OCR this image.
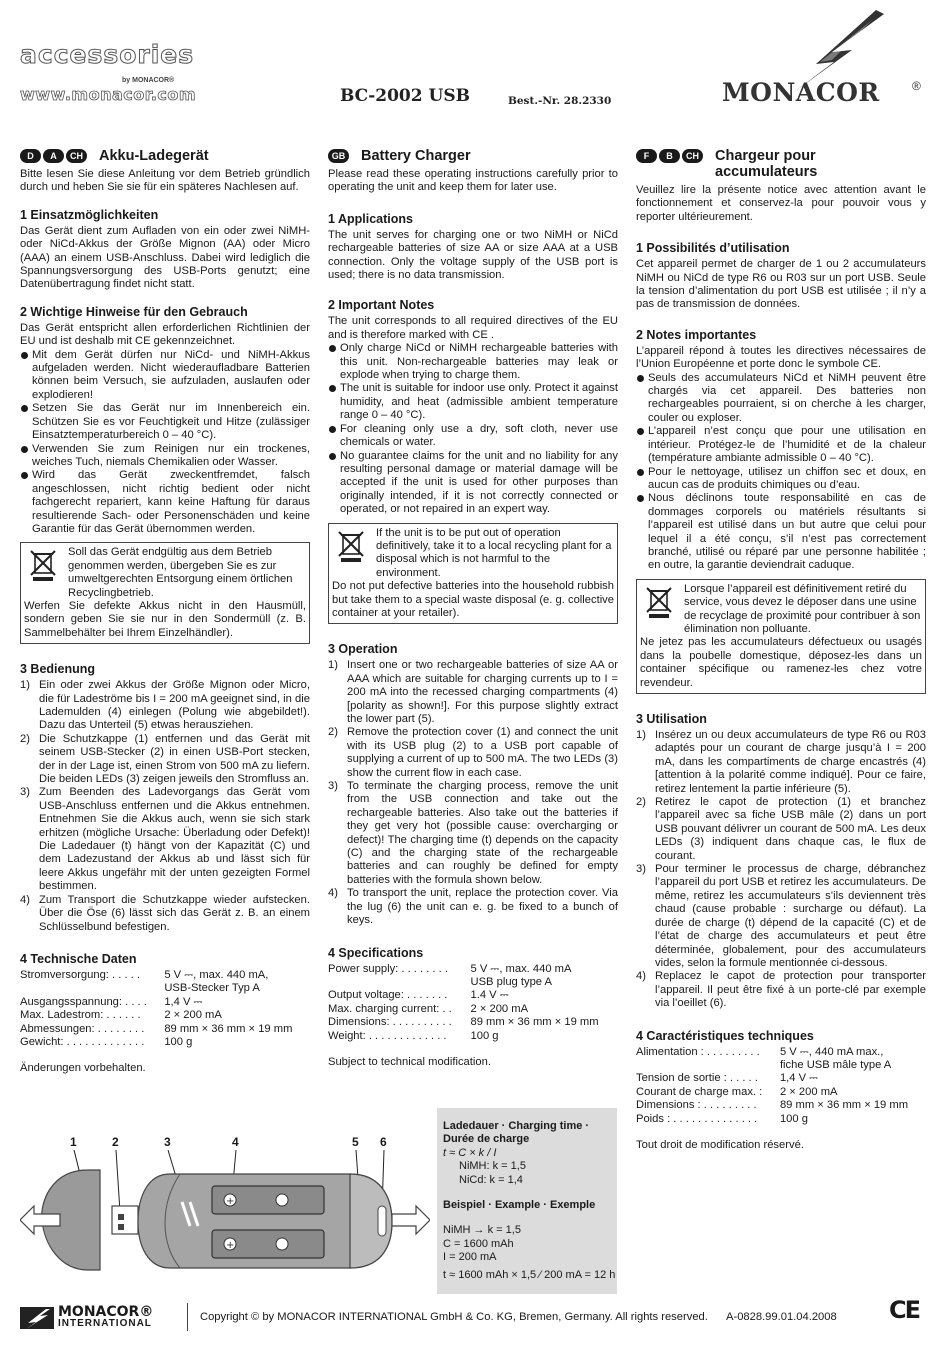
accessories
by MONACOR®
www.monacor.com	BC-2002 USB	Best.-Nr. 28.2330	MONACOR	®
D	A	CH Akku-Ladegerät

Bitte lesen Sie diese Anleitung vor dem Betrieb gründlich durch und heben Sie sie für ein späteres Nachlesen auf.

1 Einsatzmöglichkeiten

Das Gerät dient zum Aufladen von ein oder zwei NiMH- oder NiCd-Akkus der Größe Mignon (AA) oder Micro (AAA) an einem USB-Anschluss. Dabei wird lediglich die Spannungsversorgung des USB-Ports genutzt; eine Datenübertragung findet nicht statt.

2 Wichtige Hinweise für den Gebrauch

Das Gerät entspricht allen erforderlichen Richtlinien der EU und ist deshalb mit CE gekennzeichnet.

Mit dem Gerät dürfen nur NiCd- und NiMH-Akkus aufgeladen werden. Nicht wiederaufladbare Batterien können beim Versuch, sie aufzuladen, auslaufen oder explodieren!
Setzen Sie das Gerät nur im Innenbereich ein. Schützen Sie es vor Feuchtigkeit und Hitze (zulässiger Einsatztemperaturbereich 0 – 40 °C).
Verwenden Sie zum Reinigen nur ein trockenes, weiches Tuch, niemals Chemikalien oder Wasser.
Wird das Gerät zweckentfremdet, falsch angeschlossen, nicht richtig bedient oder nicht fachgerecht repariert, kann keine Haftung für daraus resultierende Sach- oder Personenschäden und keine Garantie für das Gerät übernommen werden.
Soll das Gerät endgültig aus dem Betrieb genommen werden, übergeben Sie es zur umweltgerechten Entsorgung einem örtlichen Recyclingbetrieb.

Werfen Sie defekte Akkus nicht in den Hausmüll, sondern geben Sie sie nur in den Sondermüll (z. B. Sammelbehälter bei Ihrem Einzelhändler).

3 Bedienung
1) Ein oder zwei Akkus der Größe Mignon oder Micro, die für Ladeströme bis I = 200 mA geeignet sind, in die Lademulden (4) einlegen (Polung wie abgebildet!). Dazu das Unterteil (5) etwas herausziehen.
2) Die Schutzkappe (1) entfernen und das Gerät mit seinem USB-Stecker (2) in einen USB-Port stecken, der in der Lage ist, einen Strom von 500 mA zu liefern. Die beiden LEDs (3) zeigen jeweils den Stromfluss an.
3) Zum Beenden des Ladevorgangs das Gerät vom USB-Anschluss entfernen und die Akkus entnehmen. Entnehmen Sie die Akkus auch, wenn sie sich stark erhitzen (mögliche Ursache: Überladung oder Defekt)! Die Ladedauer (t) hängt von der Kapazität (C) und dem Ladezustand der Akkus ab und lässt sich für leere Akkus ungefähr mit der unten gezeigten Formel bestimmen.
4) Zum Transport die Schutzkappe wieder aufstecken. Über die Öse (6) lässt sich das Gerät z. B. an einem Schlüsselbund befestigen.
4 Technische Daten
Stromversorgung: . . . . .	5 V ⎓, max. 440 mA,
	USB-Stecker Typ A
Ausgangsspannung: . . . .	1,4 V ⎓
Max. Ladestrom: . . . . . .	2 × 200 mA
Abmessungen: . . . . . . . .	89 mm × 36 mm × 19 mm
Gewicht: . . . . . . . . . . . . .	100 g

Änderungen vorbehalten.

GB Battery Charger

Please read these operating instructions carefully prior to operating the unit and keep them for later use.

1 Applications

The unit serves for charging one or two NiMH or NiCd rechargeable batteries of size AA or size AAA at a USB connection. Only the voltage supply of the USB port is used; there is no data transmission.

2 Important Notes

The unit corresponds to all required directives of the EU and is therefore marked with CE .

Only charge NiCd or NiMH rechargeable batteries with this unit. Non-rechargeable batteries may leak or explode when trying to charge them.
The unit is suitable for indoor use only. Protect it against humidity, and heat (admissible ambient temperature range 0 – 40 °C).
For cleaning only use a dry, soft cloth, never use chemicals or water.
No guarantee claims for the unit and no liability for any resulting personal damage or material damage will be accepted if the unit is used for other purposes than originally intended, if it is not correctly connected or operated, or not repaired in an expert way.
If the unit is to be put out of operation definitively, take it to a local recycling plant for a disposal which is not harmful to the environment.

Do not put defective batteries into the household rubbish but take them to a special waste disposal (e. g. collective container at your retailer).

3 Operation
1) Insert one or two rechargeable batteries of size AA or AAA which are suitable for charging currents up to I = 200 mA into the recessed charging compartments (4) [polarity as shown!]. For this purpose slightly extract the lower part (5).
2) Remove the protection cover (1) and connect the unit with its USB plug (2) to a USB port capable of supplying a current of up to 500 mA. The two LEDs (3) show the current flow in each case.
3) To terminate the charging process, remove the unit from the USB connection and take out the rechargeable batteries. Also take out the batteries if they get very hot (possible cause: overcharging or defect)! The charging time (t) depends on the capacity (C) and the charging state of the rechargeable batteries and can roughly be defined for empty batteries with the formula shown below.
4) To transport the unit, replace the protection cover. Via the lug (6) the unit can e. g. be fixed to a bunch of keys.
4 Specifications
Power supply: . . . . . . . .	5 V ⎓, max. 440 mA
	USB plug type A
Output voltage: . . . . . . .	1.4 V ⎓
Max. charging current: . .	2 × 200 mA
Dimensions: . . . . . . . . . .	89 mm × 36 mm × 19 mm
Weight: . . . . . . . . . . . . .	100 g

Subject to technical modification.

F	B	CH Chargeur pour accumulateurs

Veuillez lire la présente notice avec attention avant le fonctionnement et conservez-la pour pouvoir vous y reporter ultérieurement.

1 Possibilités d’utilisation

Cet appareil permet de charger de 1 ou 2 accumulateurs NiMH ou NiCd de type R6 ou R03 sur un port USB. Seule la tension d’alimentation du port USB est utilisée ; il n’y a pas de transmission de données.

2 Notes importantes

L’appareil répond à toutes les directives nécessaires de l’Union Européenne et porte donc le symbole CE.

Seuls des accumulateurs NiCd et NiMH peuvent être chargés via cet appareil. Des batteries non rechargeables pourraient, si on cherche à les charger, couler ou exploser.
L’appareil n’est conçu que pour une utilisation en intérieur. Protégez-le de l’humidité et de la chaleur (température ambiante admissible 0 – 40 °C).
Pour le nettoyage, utilisez un chiffon sec et doux, en aucun cas de produits chimiques ou d’eau.
Nous déclinons toute responsabilité en cas de dommages corporels ou matériels résultants si l’appareil est utilisé dans un but autre que celui pour lequel il a été conçu, s’il n’est pas correctement branché, utilisé ou réparé par une personne habilitée ; en outre, la garantie deviendrait caduque.
Lorsque l’appareil est définitivement retiré du service, vous devez le déposer dans une usine de recyclage de proximité pour contribuer à son élimination non polluante.

Ne jetez pas les accumulateurs défectueux ou usagés dans la poubelle domestique, déposez-les dans un container spécifique ou ramenez-les chez votre revendeur.

3 Utilisation
1) Insérez un ou deux accumulateurs de type R6 ou R03 adaptés pour un courant de charge jusqu’à I = 200 mA, dans les compartiments de charge encastrés (4) [attention à la polarité comme indiqué]. Pour ce faire, retirez lentement la partie inférieure (5).
2) Retirez le capot de protection (1) et branchez l’appareil avec sa fiche USB mâle (2) dans un port USB pouvant délivrer un courant de 500 mA. Les deux LEDs (3) indiquent dans chaque cas, le flux de courant.
3) Pour terminer le processus de charge, débranchez l’appareil du port USB et retirez les accumulateurs. De même, retirez les accumulateurs s’ils deviennent très chaud (cause probable : surcharge ou défaut). La durée de charge (t) dépend de la capacité (C) et de l’état de charge des accumulateurs et peut être déterminée, globalement, pour des accumulateurs vides, selon la formule mentionnée ci-dessous.
4) Replacez le capot de protection pour transporter l’appareil. Il peut être fixé à un porte-clé par exemple via l’oeillet (6).
4 Caractéristiques techniques
Alimentation : . . . . . . . . .	5 V ⎓, 440 mA max.,
	fiche USB mâle type A
Tension de sortie : . . . . .	1,4 V ⎓
Courant de charge max. :	2 × 200 mA
Dimensions : . . . . . . . . .	89 mm × 36 mm × 19 mm
Poids : . . . . . . . . . . . . . .	100 g

Tout droit de modification réservé.

Ladedauer · Charging time ·
Durée de charge
t ≈ C × k / I
NiMH: k = 1,5
NiCd: k = 1,4
Beispiel · Example · Exemple
NiMH → k = 1,5
C = 1600 mAh
I = 200 mA
t ≈ 1600 mAh × 1,5 ⁄ 200 mA = 12 h
1	2	3	4	5 6
+
+
MONACOR®
INTERNATIONAL
Copyright © by MONACOR INTERNATIONAL GmbH & Co. KG, Bremen, Germany. All rights reserved. A-0828.99.01.04.2008 CE
